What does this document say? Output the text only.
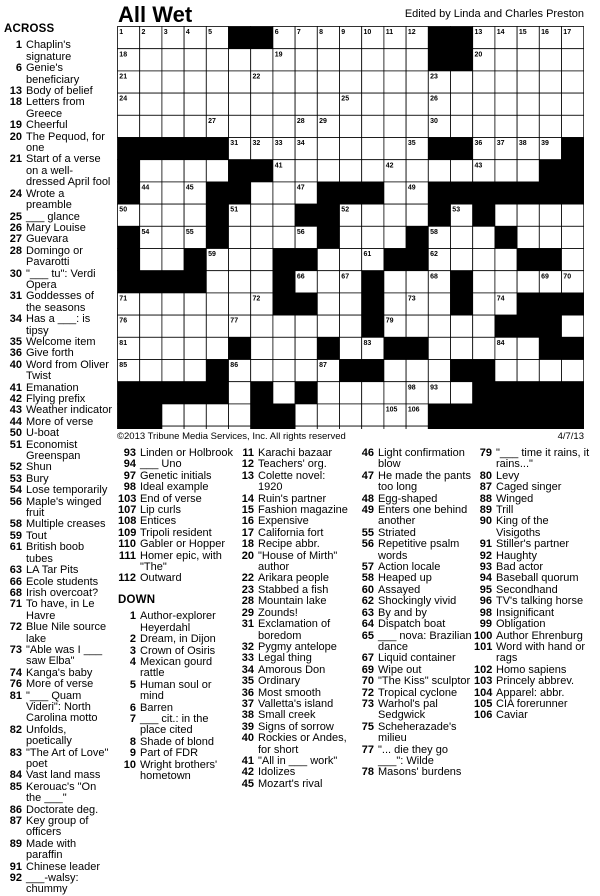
All Wet	Edited by Linda and Charles Preston
1	2	3	4	5	6	7	8	9	10 11 12	13 14 15 16 17
18	19	20
21	22	23
24	25	26
27	28 29	30
31 32 33 34	35	36 37 38 39
40	41	42	43
44	45 46	47 48	49
50	51	52	53
54	55	56 57	58
59	60	61	62
63 64 65	66	67	68	69 70
71	72	73	74	75
76	77	78 79	80
81	82	83	84
85	86	87 88	89 90
91	92	93
94 95 96	98	99 100 101 102
103	104	105 106
©2013 Tribune Media Services, Inc. All rights reserved	4/7/13
ACROSS
1 Chaplin's signature
6 Genie's beneficiary
13 Body of belief
18 Letters from Greece
19 Cheerful
20 The Pequod, for one
21 Start of a verse on a well-dressed April fool
24 Wrote a preamble
25 ___ glance
26 Mary Louise
27 Guevara
28 Domingo or Pavarotti
30 "___ tu": Verdi Opera
31 Goddesses of the seasons
34 Has a ___: is tipsy
35 Welcome item
36 Give forth
40 Word from Oliver Twist
41 Emanation
42 Flying prefix
43 Weather indicator
44 More of verse
50 U-boat
51 Economist Greenspan
52 Shun
53 Bury
54 Lose temporarily
56 Maple's winged fruit
58 Multiple creases
59 Tout
61 British boob tubes
63 LA Tar Pits
66 Ecole students
68 Irish overcoat?
71 To have, in Le Havre
72 Blue Nile source lake
73 "Able was I ___ saw Elba"
74 Kanga's baby
76 More of verse
81 "___ Quam Videri": North Carolina motto
82 Unfolds, poetically
83 "The Art of Love" poet
84 Vast land mass
85 Kerouac's "On the ___"
86 Doctorate deg.
87 Key group of officers
89 Made with paraffin
91 Chinese leader
92 ___-walsy: chummy
93 Linden or Holbrook
94 ___ Uno
97 Genetic initials
98 Ideal example
103 End of verse
107 Lip curls
108 Entices
109 Tripoli resident
110 Gabler or Hopper
111 Homer epic, with "The"
112 Outward
DOWN
1 Author-explorer Heyerdahl
2 Dream, in Dijon
3 Crown of Osiris
4 Mexican gourd rattle
5 Human soul or mind
6 Barren
7 ___ cit.: in the place cited
8 Shade of blond
9 Part of FDR
10 Wright brothers' hometown
11 Karachi bazaar
12 Teachers' org.
13 Colette novel: 1920
14 Ruin's partner
15 Fashion magazine
16 Expensive
17 California fort
18 Recipe abbr.
20 "House of Mirth" author
22 Arikara people
23 Stabbed a fish
28 Mountain lake
29 Zounds!
31 Exclamation of boredom
32 Pygmy antelope
33 Legal thing
34 Amorous Don
35 Ordinary
36 Most smooth
37 Valletta's island
38 Small creek
39 Signs of sorrow
40 Rockies or Andes, for short
41 "All in ___ work"
42 Idolizes
45 Mozart's rival
46 Light confirmation blow
47 He made the pants too long
48 Egg-shaped
49 Enters one behind another
55 Striated
56 Repetitive psalm words
57 Action locale
58 Heaped up
60 Assayed
62 Shockingly vivid
63 By and by
64 Dispatch boat
65 ___ nova: Brazilian dance
67 Liquid container
69 Wipe out
70 "The Kiss" sculptor
72 Tropical cyclone
73 Warhol's pal Sedgwick
75 Scheherazade's milieu
77 "... die they go ___": Wilde
78 Masons' burdens
79 "___ time it rains, it rains..."
80 Levy
87 Caged singer
88 Winged
89 Trill
90 King of the Visigoths
91 Stiller's partner
92 Haughty
93 Bad actor
94 Baseball quorum
95 Secondhand
96 TV's talking horse
98 Insignificant
99 Obligation
100 Author Ehrenburg
101 Word with hand or rags
102 Homo sapiens
103 Princely abbrev.
104 Apparel: abbr.
105 CIA forerunner
106 Caviar
